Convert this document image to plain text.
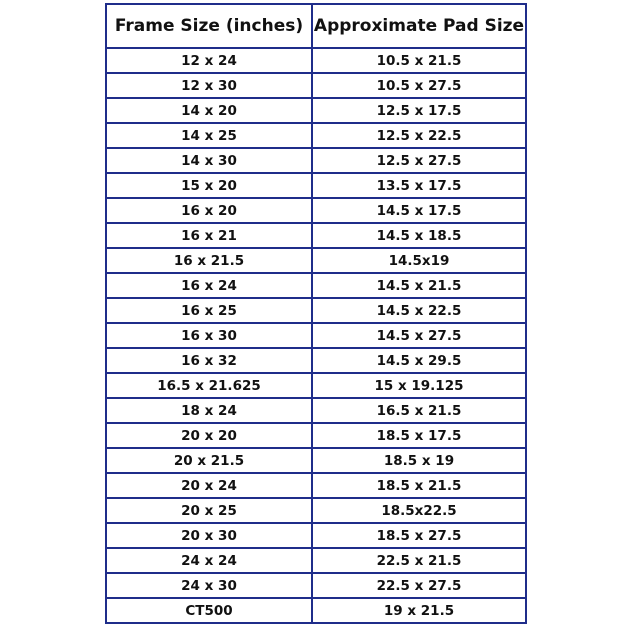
Frame Size (inches)	Approximate Pad Size
12 x 24	10.5 x 21.5
12 x 30	10.5 x 27.5
14 x 20	12.5 x 17.5
14 x 25	12.5 x 22.5
14 x 30	12.5 x 27.5
15 x 20	13.5 x 17.5
16 x 20	14.5 x 17.5
16 x 21	14.5 x 18.5
16 x 21.5	14.5x19
16 x 24	14.5 x 21.5
16 x 25	14.5 x 22.5
16 x 30	14.5 x 27.5
16 x 32	14.5 x 29.5
16.5 x 21.625	15 x 19.125
18 x 24	16.5 x 21.5
20 x 20	18.5 x 17.5
20 x 21.5	18.5 x 19
20 x 24	18.5 x 21.5
20 x 25	18.5x22.5
20 x 30	18.5 x 27.5
24 x 24	22.5 x 21.5
24 x 30	22.5 x 27.5
CT500	19 x 21.5
